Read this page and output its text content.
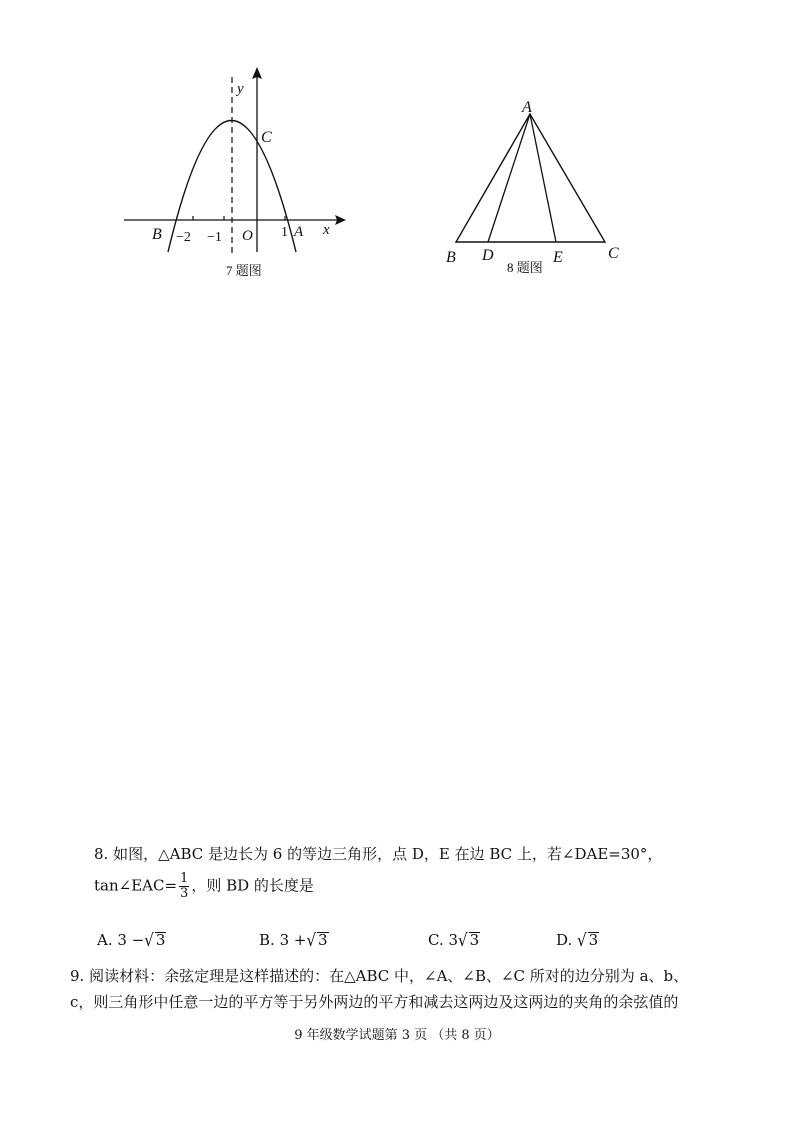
y
x
C
B	O	A
−2 −1	1
7 题图
A
B D	E	C
8 题图
8. 如图，△ABC 是边长为 6 的等边三角形，点 D，E 在边 BC 上，若∠DAE=30°，
tan∠EAC= $\frac{1}{3}$ ，则 BD 的长度是
A. 3 −√ 3	B. 3 +√ 3	C. 3√ 3	D. √ 3
9. 阅读材料：余弦定理是这样描述的：在△ABC 中，∠A、∠B、∠C 所对的边分别为 a、b、
c，则三角形中任意一边的平方等于另外两边的平方和减去这两边及这两边的夹角的余弦值的
9 年级数学试题第 3 页 （共 8 页）
